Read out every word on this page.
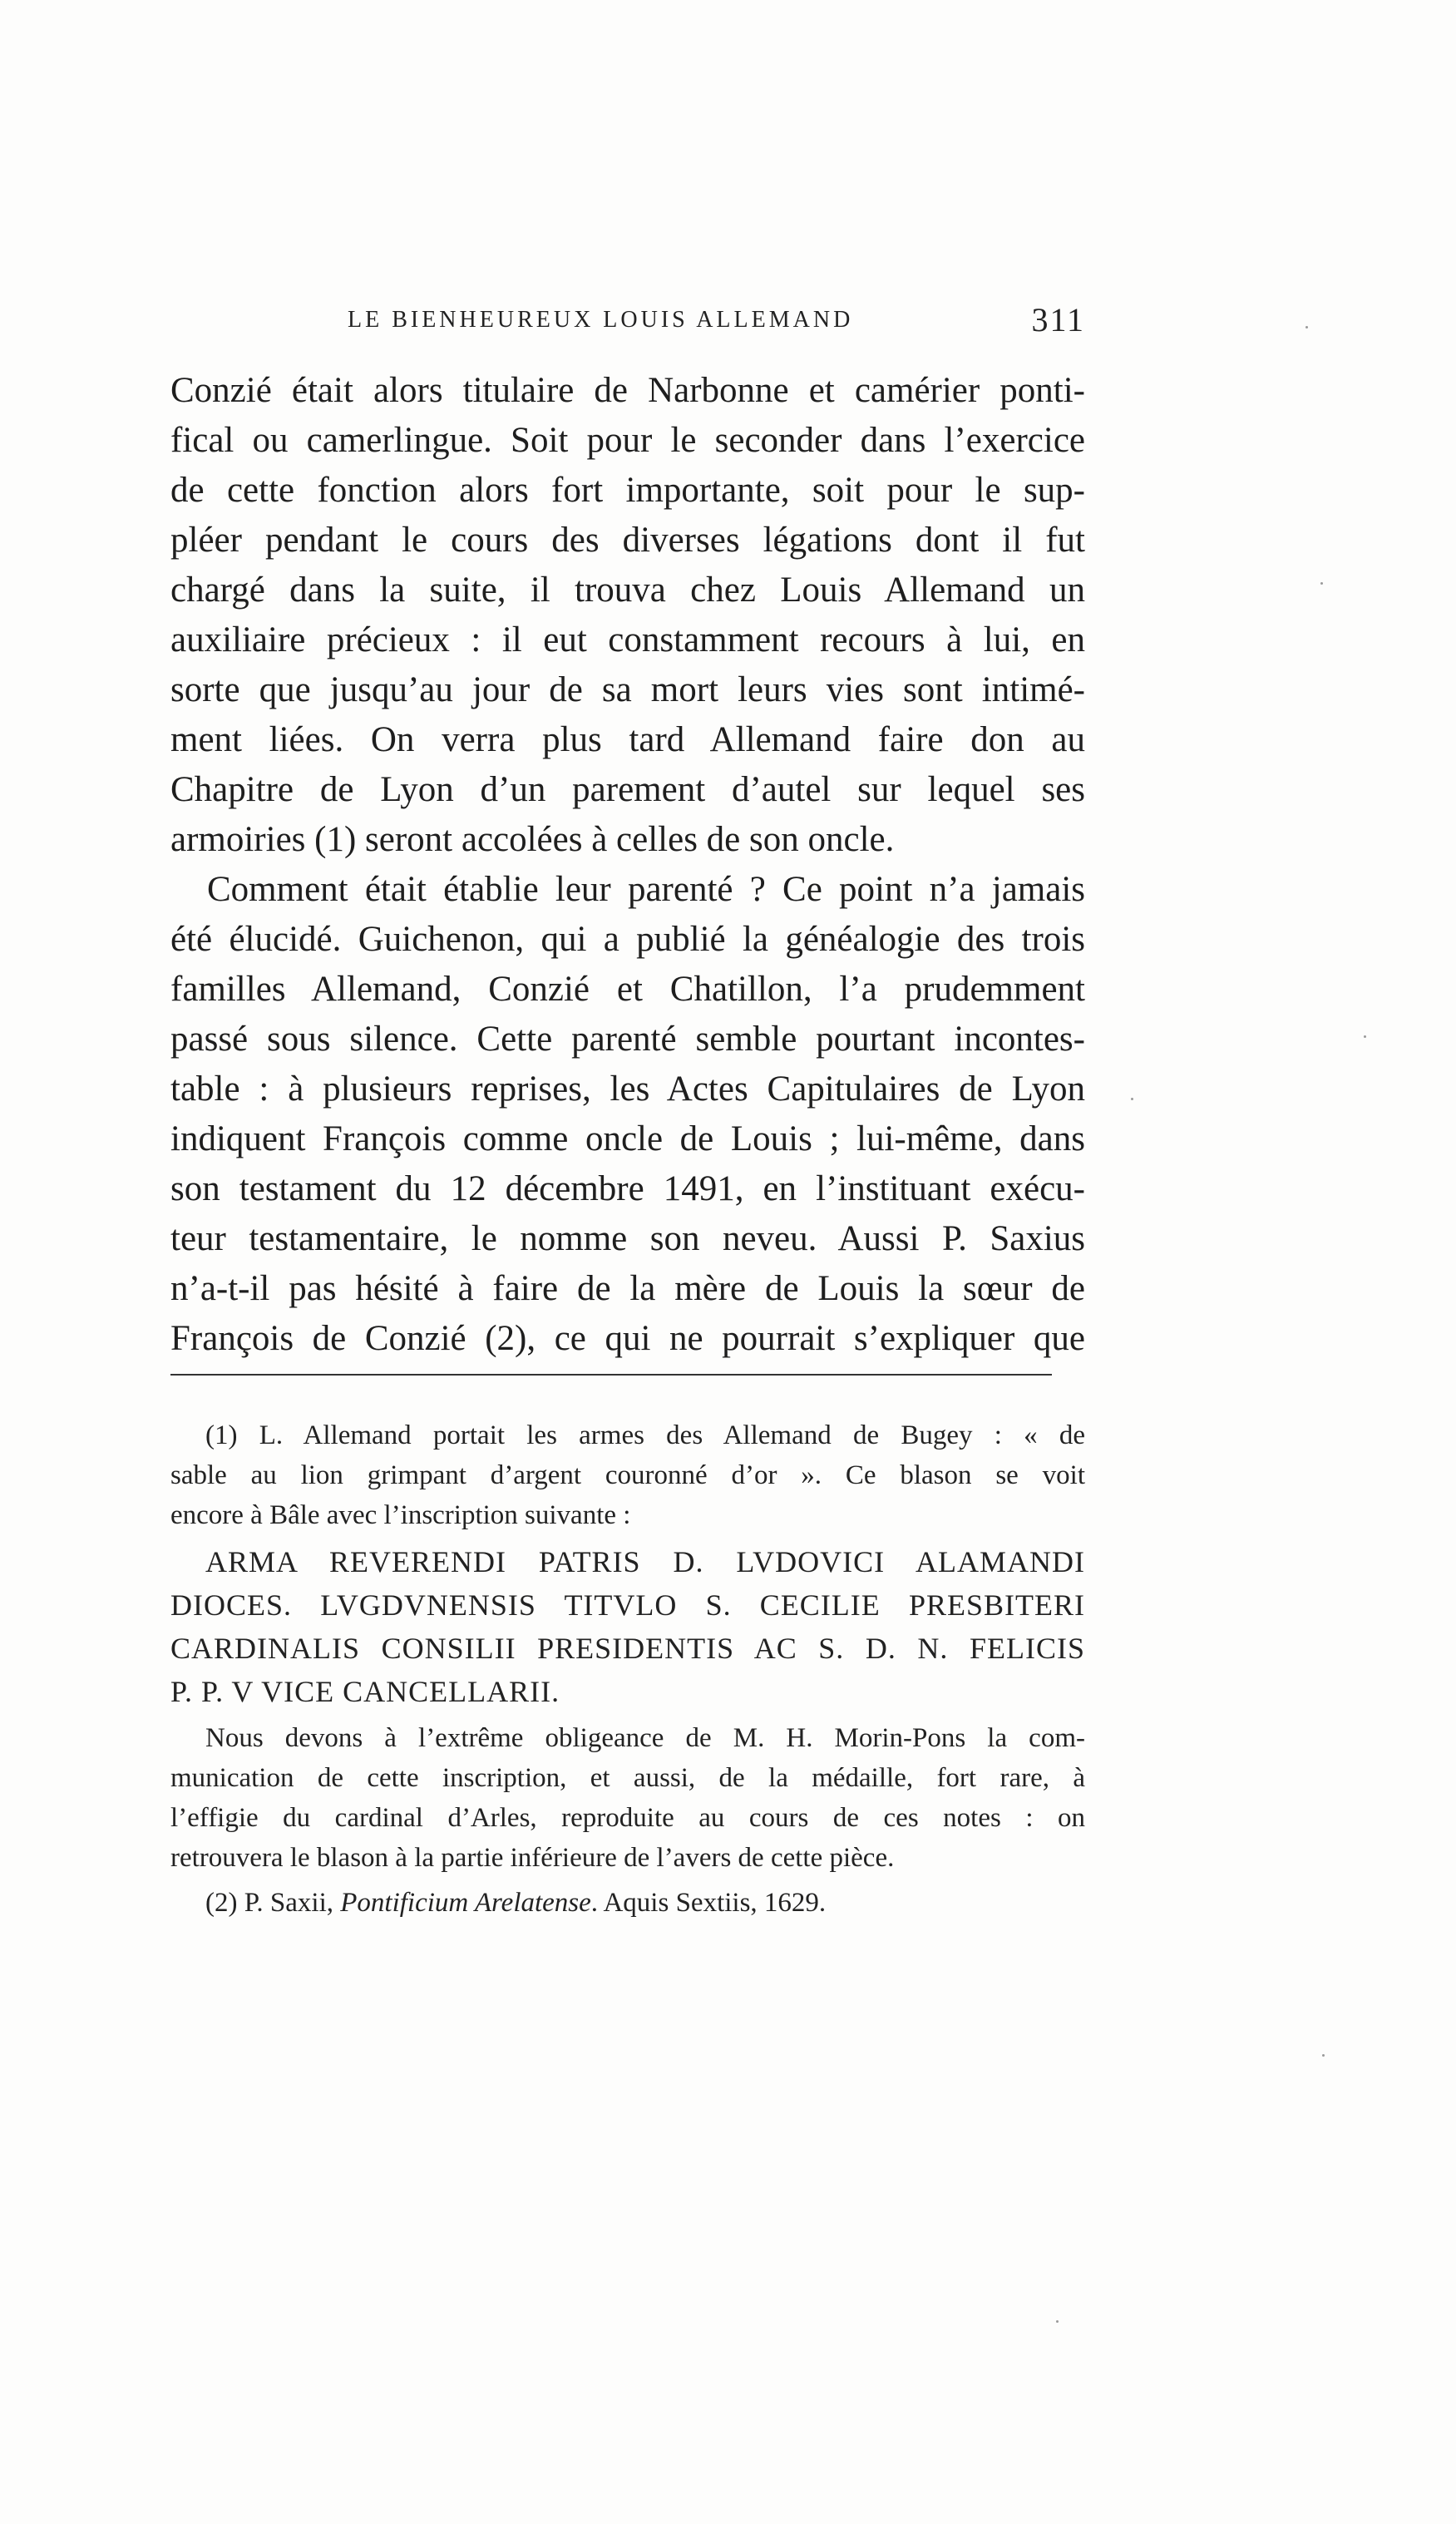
LE BIENHEUREUX LOUIS ALLEMAND	311
Conzié était alors titulaire de Narbonne et camérier ponti-
fical ou camerlingue. Soit pour le seconder dans l’exercice
de cette fonction alors fort importante, soit pour le sup-
pléer pendant le cours des diverses légations dont il fut
chargé dans la suite, il trouva chez Louis Allemand un
auxiliaire précieux : il eut constamment recours à lui, en
sorte que jusqu’au jour de sa mort leurs vies sont intimé-
ment liées. On verra plus tard Allemand faire don au
Chapitre de Lyon d’un parement d’autel sur lequel ses
armoiries (1) seront accolées à celles de son oncle.
Comment était établie leur parenté ? Ce point n’a jamais
été élucidé. Guichenon, qui a publié la généalogie des trois
familles Allemand, Conzié et Chatillon, l’a prudemment
passé sous silence. Cette parenté semble pourtant incontes-
table : à plusieurs reprises, les Actes Capitulaires de Lyon
indiquent François comme oncle de Louis ; lui-même, dans
son testament du 12 décembre 1491, en l’instituant exécu-
teur testamentaire, le nomme son neveu. Aussi P. Saxius
n’a-t-il pas hésité à faire de la mère de Louis la sœur de
François de Conzié (2), ce qui ne pourrait s’expliquer que
(1) L. Allemand portait les armes des Allemand de Bugey : « de
sable au lion grimpant d’argent couronné d’or ». Ce blason se voit
encore à Bâle avec l’inscription suivante :
ARMA REVERENDI PATRIS D. LVDOVICI ALAMANDI
DIOCES. LVGDVNENSIS TITVLO S. CECILIE PRESBITERI
CARDINALIS CONSILII PRESIDENTIS AC S. D. N. FELICIS
P. P. V VICE CANCELLARII.
Nous devons à l’extrême obligeance de M. H. Morin-Pons la com-
munication de cette inscription, et aussi, de la médaille, fort rare, à
l’effigie du cardinal d’Arles, reproduite au cours de ces notes : on
retrouvera le blason à la partie inférieure de l’avers de cette pièce.
(2) P. Saxii, Pontificium Arelatense. Aquis Sextiis, 1629.
